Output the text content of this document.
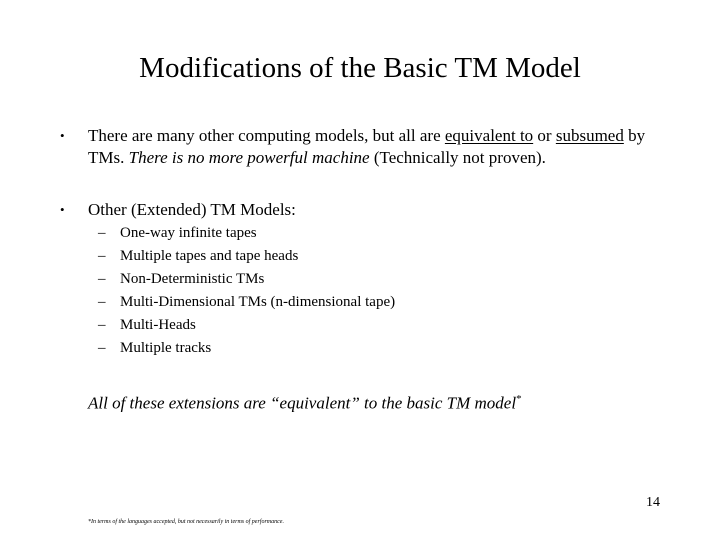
Modifications of the Basic TM Model
•	There are many other computing models, but all are equivalent to or subsumed by TMs. There is no more powerful machine (Technically not proven).
•	Other (Extended) TM Models:
– One-way infinite tapes
– Multiple tapes and tape heads
– Non-Deterministic TMs
– Multi-Dimensional TMs (n-dimensional tape)
– Multi-Heads
– Multiple tracks
All of these extensions are “equivalent” to the basic TM model*
14
*In terms of the languages accepted, but not necessarily in terms of performance.
